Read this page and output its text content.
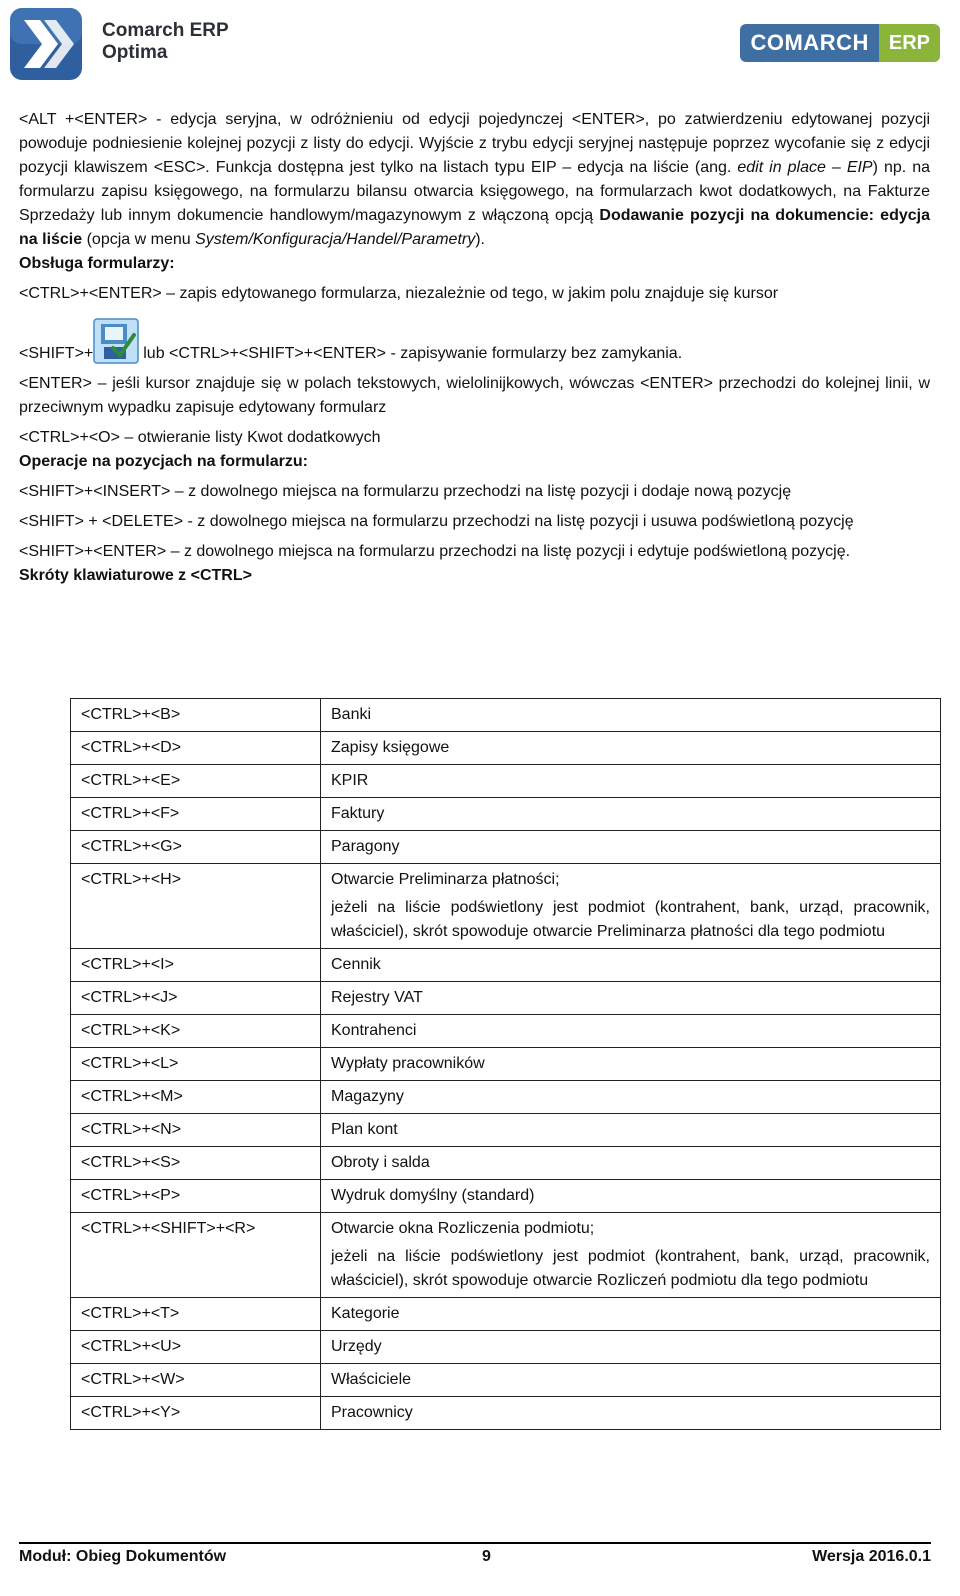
Comarch ERP
Optima	COMARCH	ERP

<ALT +<ENTER> - edycja seryjna, w odróżnieniu od edycji pojedynczej <ENTER>, po zatwierdzeniu edytowanej pozycji powoduje podniesienie kolejnej pozycji z listy do edycji. Wyjście z trybu edycji seryjnej następuje poprzez wycofanie się z edycji pozycji klawiszem <ESC>. Funkcja dostępna jest tylko na listach typu EIP – edycja na liście (ang. edit in place – EIP) np. na formularzu zapisu księgowego, na formularzu bilansu otwarcia księgowego, na formularzach kwot dodatkowych, na Fakturze Sprzedaży lub innym dokumencie handlowym/magazynowym z włączoną opcją Dodawanie pozycji na dokumencie: edycja na liście (opcja w menu System/Konfiguracja/Handel/Parametry).

Obsługa formularzy:

<CTRL>+<ENTER> – zapis edytowanego formularza, niezależnie od tego, w jakim polu znajduje się kursor

<SHIFT>+	lub <CTRL>+<SHIFT>+<ENTER> - zapisywanie formularzy bez zamykania.

<ENTER> – jeśli kursor znajduje się w polach tekstowych, wielolinijkowych, wówczas <ENTER> przechodzi do kolejnej linii, w przeciwnym wypadku zapisuje edytowany formularz

<CTRL>+<O> – otwieranie listy Kwot dodatkowych

Operacje na pozycjach na formularzu:

<SHIFT>+<INSERT> – z dowolnego miejsca na formularzu przechodzi na listę pozycji i dodaje nową pozycję

<SHIFT> + <DELETE> - z dowolnego miejsca na formularzu przechodzi na listę pozycji i usuwa podświetloną pozycję

<SHIFT>+<ENTER> – z dowolnego miejsca na formularzu przechodzi na listę pozycji i edytuje podświetloną pozycję.

Skróty klawiaturowe z <CTRL>

<CTRL>+<B>	Banki

<CTRL>+<D>	Zapisy księgowe

<CTRL>+<E>	KPIR

<CTRL>+<F>	Faktury

<CTRL>+<G>	Paragony

<CTRL>+<H>	Otwarcie Preliminarza płatności;

jeżeli na liście podświetlony jest podmiot (kontrahent, bank, urząd, pracownik, właściciel), skrót spowoduje otwarcie Preliminarza płatności dla tego podmiotu

<CTRL>+<I>	Cennik

<CTRL>+<J>	Rejestry VAT

<CTRL>+<K>	Kontrahenci

<CTRL>+<L>	Wypłaty pracowników

<CTRL>+<M>	Magazyny

<CTRL>+<N>	Plan kont

<CTRL>+<S>	Obroty i salda

<CTRL>+<P>	Wydruk domyślny (standard)

<CTRL>+<SHIFT>+<R>	Otwarcie okna Rozliczenia podmiotu;

jeżeli na liście podświetlony jest podmiot (kontrahent, bank, urząd, pracownik, właściciel), skrót spowoduje otwarcie Rozliczeń podmiotu dla tego podmiotu

<CTRL>+<T>	Kategorie

<CTRL>+<U>	Urzędy

<CTRL>+<W>	Właściciele

<CTRL>+<Y>	Pracownicy

Moduł: Obieg Dokumentów	9	Wersja 2016.0.1
